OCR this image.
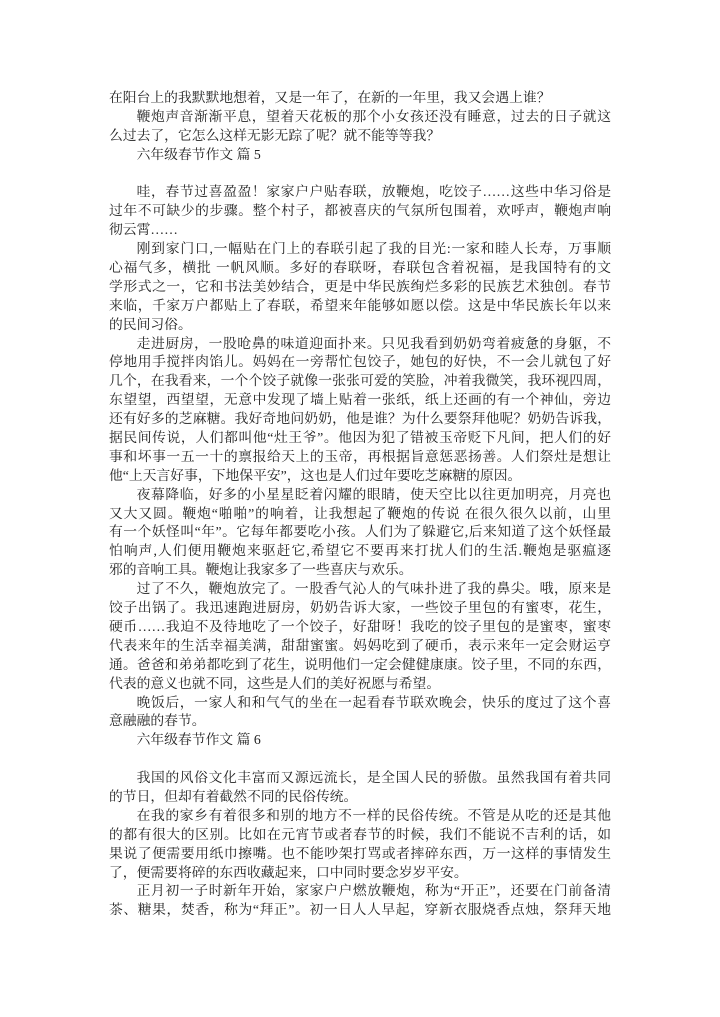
在阳台上的我默默地想着，又是一年了，在新的一年里，我又会遇上谁？
鞭炮声音渐渐平息，望着天花板的那个小女孩还没有睡意，过去的日子就这
么过去了，它怎么这样无影无踪了呢？就不能等等我？
六年级春节作文 篇 5
哇，春节过喜盈盈！家家户户贴春联，放鞭炮，吃饺子……这些中华习俗是
过年不可缺少的步骤。整个村子，都被喜庆的气氛所包围着，欢呼声，鞭炮声响
彻云霄……
刚到家门口,一幅贴在门上的春联引起了我的目光:一家和睦人长寿，万事顺
心福气多，横批 一帆风顺。多好的春联呀，春联包含着祝福，是我国特有的文
学形式之一，它和书法美妙结合，更是中华民族绚烂多彩的民族艺术独创。春节
来临，千家万户都贴上了春联，希望来年能够如愿以偿。这是中华民族长年以来
的民间习俗。
走进厨房，一股呛鼻的味道迎面扑来。只见我看到奶奶弯着疲惫的身躯，不
停地用手搅拌肉馅儿。妈妈在一旁帮忙包饺子，她包的好快，不一会儿就包了好
几个，在我看来，一个个饺子就像一张张可爱的笑脸，冲着我微笑，我环视四周，
东望望，西望望，无意中发现了墙上贴着一张纸，纸上还画的有一个神仙，旁边
还有好多的芝麻糖。我好奇地问奶奶，他是谁？为什么要祭拜他呢？奶奶告诉我，
据民间传说，人们都叫他“灶王爷”。他因为犯了错被玉帝贬下凡间，把人们的好
事和坏事一五一十的禀报给天上的玉帝，再根据旨意惩恶扬善。人们祭灶是想让
他“上天言好事，下地保平安”，这也是人们过年要吃芝麻糖的原因。
夜幕降临，好多的小星星眨着闪耀的眼睛，使天空比以往更加明亮，月亮也
又大又圆。鞭炮“啪啪”的响着，让我想起了鞭炮的传说 在很久很久以前，山里
有一个妖怪叫“年”。它每年都要吃小孩。人们为了躲避它,后来知道了这个妖怪最
怕响声,人们便用鞭炮来驱赶它,希望它不要再来打扰人们的生活.鞭炮是驱瘟逐
邪的音响工具。鞭炮让我家多了一些喜庆与欢乐。
过了不久，鞭炮放完了。一股香气沁人的气味扑进了我的鼻尖。哦，原来是
饺子出锅了。我迅速跑进厨房，奶奶告诉大家，一些饺子里包的有蜜枣，花生，
硬币……我迫不及待地吃了一个饺子，好甜呀！我吃的饺子里包的是蜜枣，蜜枣
代表来年的生活幸福美满，甜甜蜜蜜。妈妈吃到了硬币，表示来年一定会财运亨
通。爸爸和弟弟都吃到了花生，说明他们一定会健健康康。饺子里，不同的东西，
代表的意义也就不同，这些是人们的美好祝愿与希望。
晚饭后，一家人和和气气的坐在一起看春节联欢晚会，快乐的度过了这个喜
意融融的春节。
六年级春节作文 篇 6
我国的风俗文化丰富而又源远流长，是全国人民的骄傲。虽然我国有着共同
的节日，但却有着截然不同的民俗传统。
在我的家乡有着很多和别的地方不一样的民俗传统。不管是从吃的还是其他
的都有很大的区别。比如在元宵节或者春节的时候，我们不能说不吉利的话，如
果说了便需要用纸巾擦嘴。也不能吵架打骂或者摔碎东西，万一这样的事情发生
了，便需要将碎的东西收藏起来，口中同时要念岁岁平安。
正月初一子时新年开始，家家户户燃放鞭炮，称为“开正”，还要在门前备清
茶、糖果，焚香，称为“拜正”。初一日人人早起，穿新衣服烧香点烛，祭拜天地
